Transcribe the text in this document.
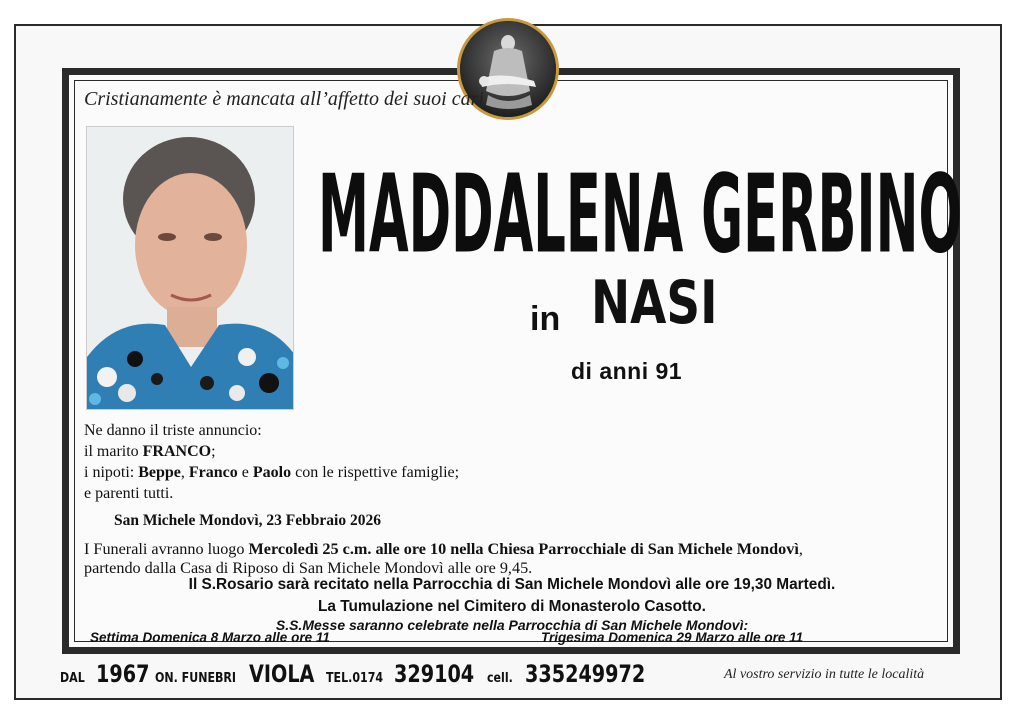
Cristianamente è mancata all’affetto dei suoi cari
MADDALENA GERBINO
in NASI
di anni 91
Ne danno il triste annuncio:
il marito FRANCO;
i nipoti: Beppe, Franco e Paolo con le rispettive famiglie;
e parenti tutti.
San Michele Mondovì, 23 Febbraio 2026
I Funerali avranno luogo Mercoledì 25 c.m. alle ore 10 nella Chiesa Parrocchiale di San Michele Mondovì,
partendo dalla Casa di Riposo di San Michele Mondovì alle ore 9,45.
Il S.Rosario sarà recitato nella Parrocchia di San Michele Mondovì alle ore 19,30 Martedì.
La Tumulazione nel Cimitero di Monasterolo Casotto.
S.S.Messe saranno celebrate nella Parrocchia di San Michele Mondovì:
Settima Domenica 8 Marzo alle ore 11	Trigesima Domenica 29 Marzo alle ore 11
DAL 1967 ON. FUNEBRI VIOLA TEL.0174 329104 cell. 335249972	Al vostro servizio in tutte le località
